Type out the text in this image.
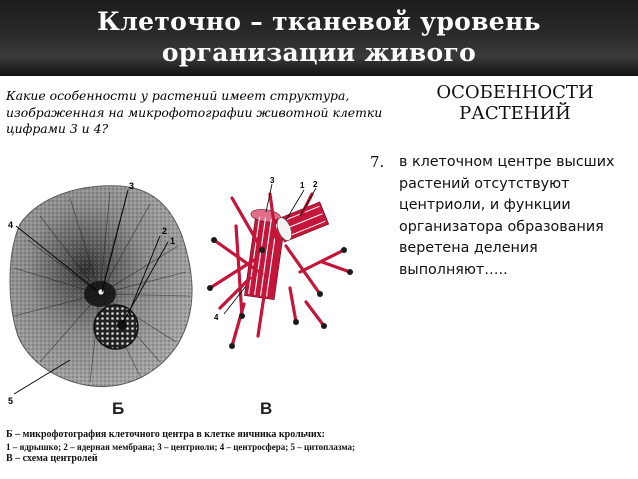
Клеточно – тканевой уровень
организации живого
Какие особенности у растений имеет структура, изображенная на микрофотографии животной клетки цифрами 3 и 4?
ОСОБЕННОСТИ
РАСТЕНИЙ
7. в клеточном центре высших растений отсутствуют центриоли, и функции организатора образования веретена деления выполняют…..
3
4
2
1
5	Б
1 2
3
4
В
Б – микрофотография клеточного центра в клетке яичника крольчих:
1 – ядрышко; 2 – ядерная мембрана; 3 – центриоли; 4 – центросфера; 5 – цитоплазма;
В – схема центролей
